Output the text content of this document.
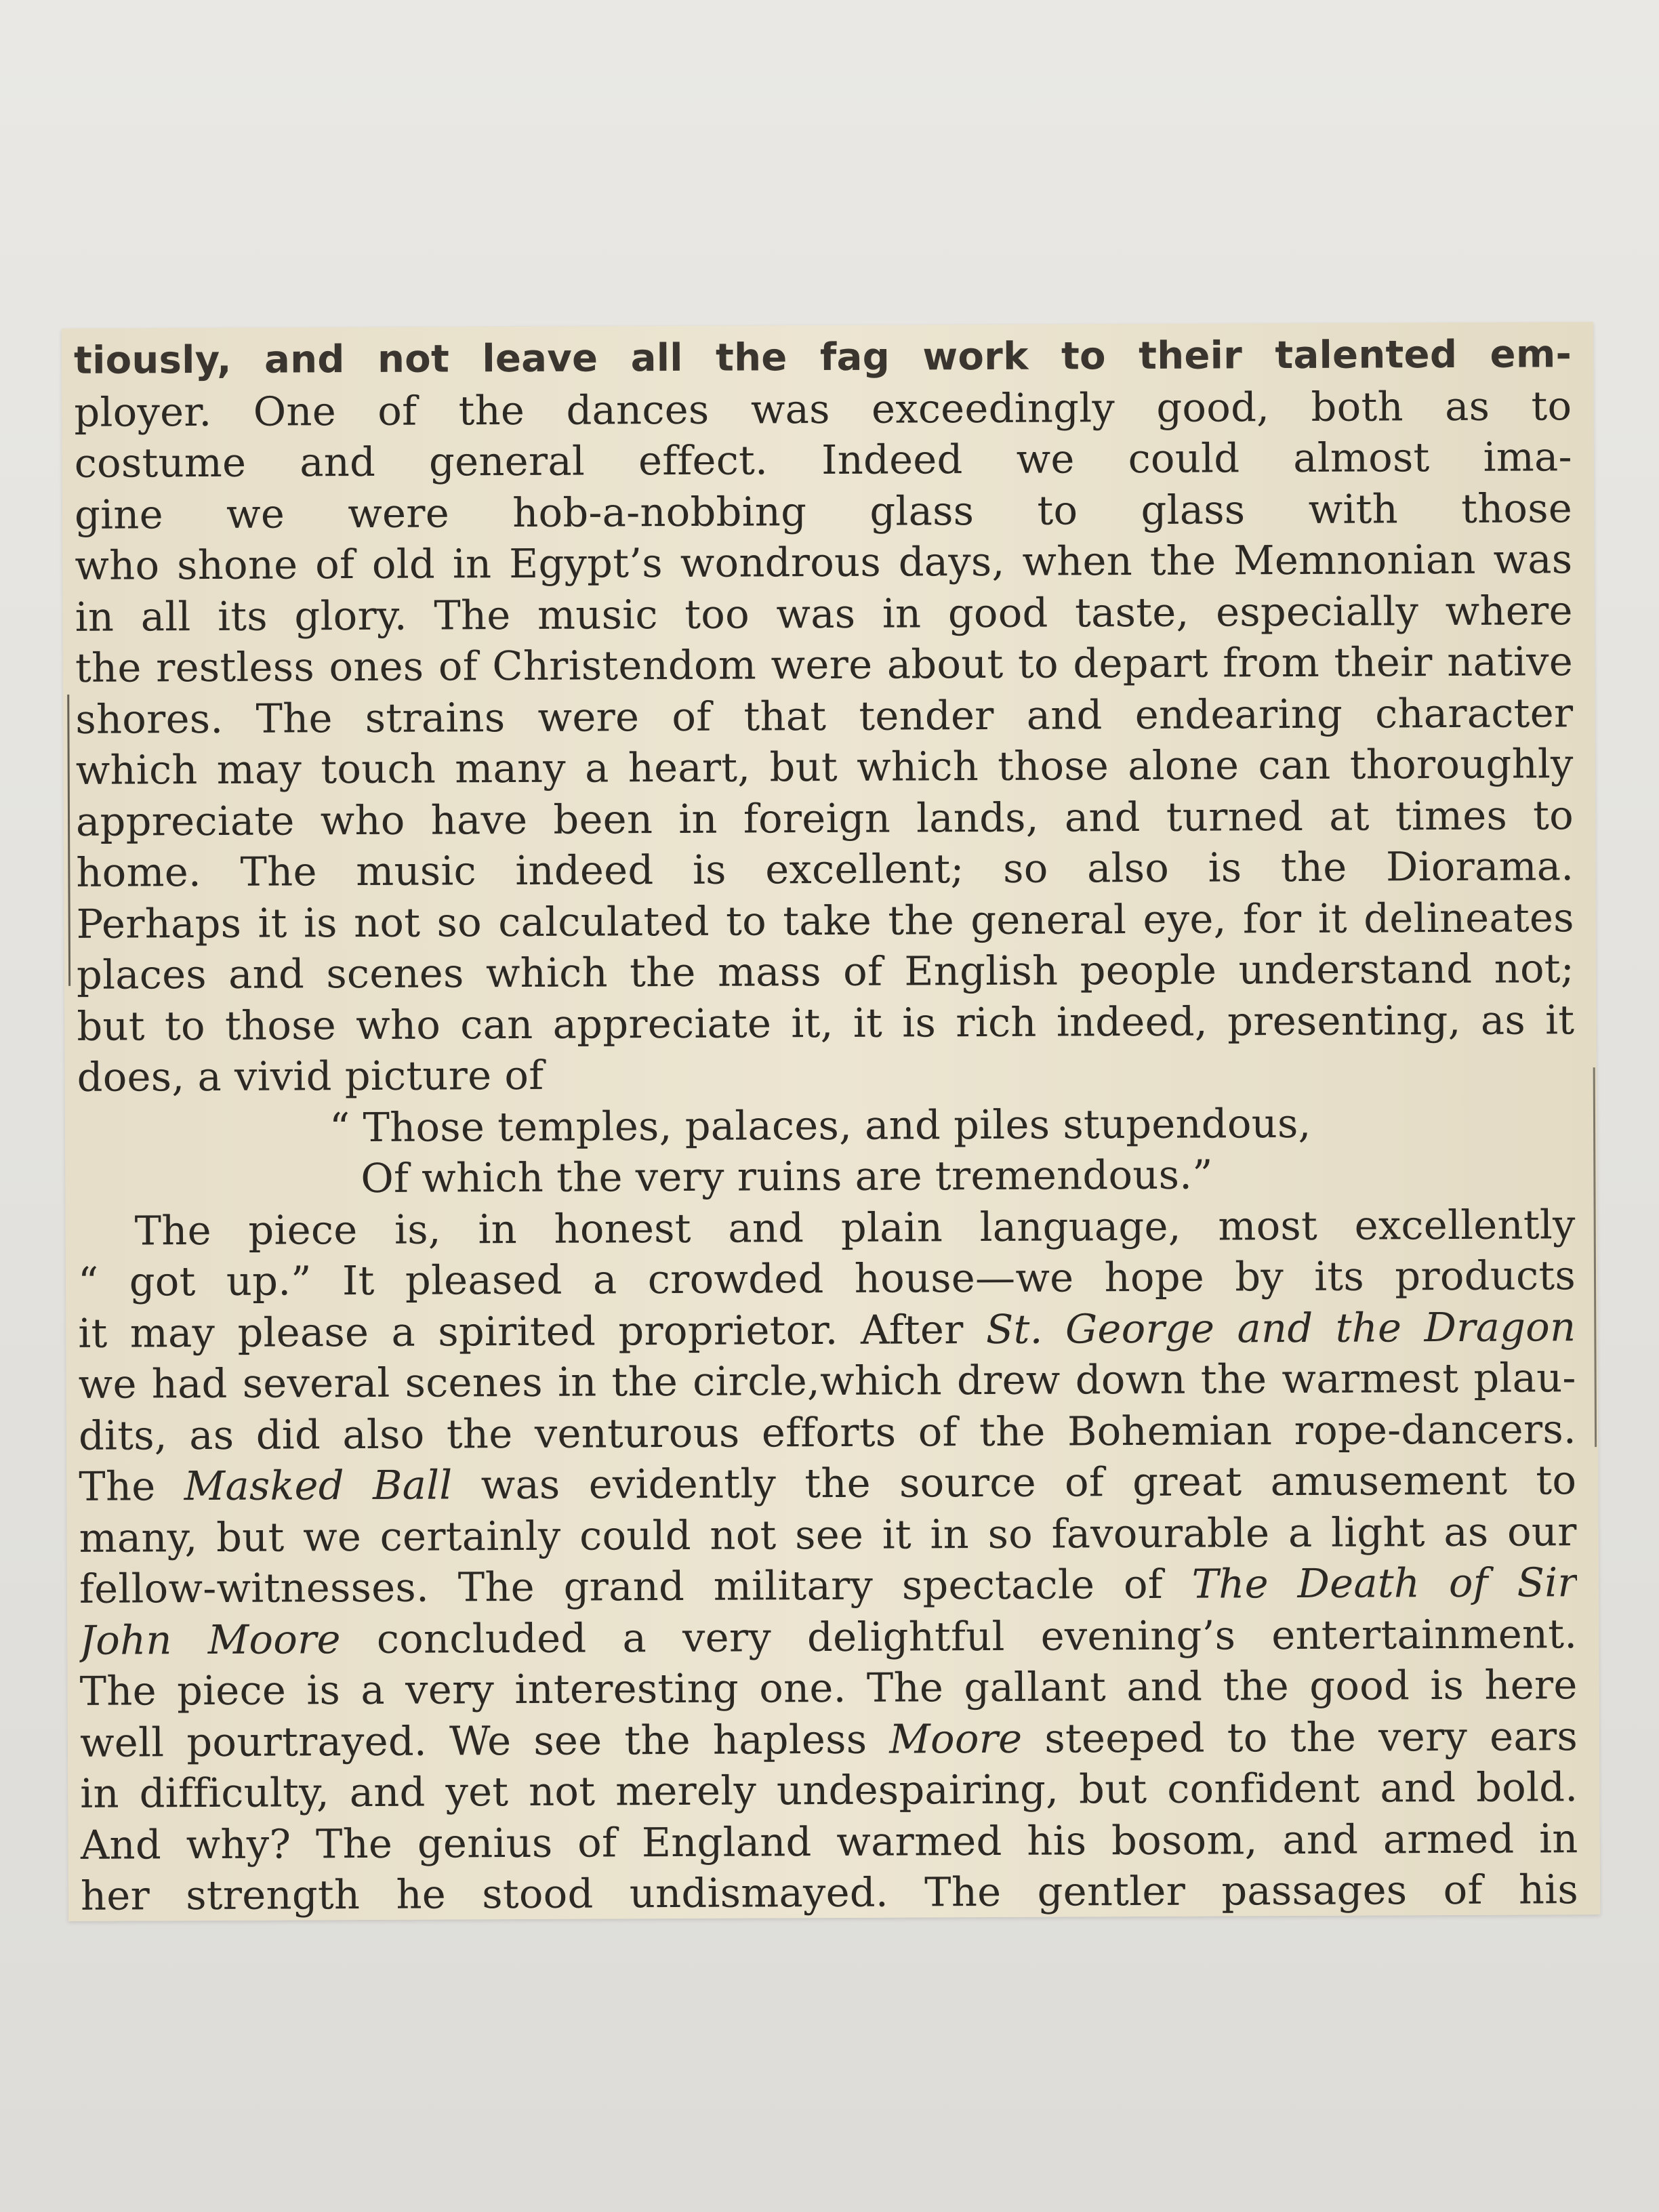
tiously, and not leave all the fag work to their talented em-
ployer. One of the dances was exceedingly good, both as to
costume and general effect. Indeed we could almost ima-
gine we were hob-a-nobbing glass to glass with those
who shone of old in Egypt’s wondrous days, when the Memnonian was
in all its glory. The music too was in good taste, especially where
the restless ones of Christendom were about to depart from their native
shores. The strains were of that tender and endearing character
which may touch many a heart, but which those alone can thoroughly
appreciate who have been in foreign lands, and turned at times to
home. The music indeed is excellent; so also is the Diorama.
Perhaps it is not so calculated to take the general eye, for it delineates
places and scenes which the mass of English people understand not;
but to those who can appreciate it, it is rich indeed, presenting, as it
does, a vivid picture of
“ Those temples, palaces, and piles stupendous,
Of which the very ruins are tremendous.”
The piece is, in honest and plain language, most excellently
“ got up.” It pleased a crowded house—we hope by its products
it may please a spirited proprietor. After St. George and the Dragon
we had several scenes in the circle,which drew down the warmest plau-
dits, as did also the venturous efforts of the Bohemian rope-dancers.
The Masked Ball was evidently the source of great amusement to
many, but we certainly could not see it in so favourable a light as our
fellow-witnesses. The grand military spectacle of The Death of Sir
John Moore concluded a very delightful evening’s entertainment.
The piece is a very interesting one. The gallant and the good is here
well pourtrayed. We see the hapless Moore steeped to the very ears
in difficulty, and yet not merely undespairing, but confident and bold.
And why? The genius of England warmed his bosom, and armed in
her strength he stood undismayed. The gentler passages of his
